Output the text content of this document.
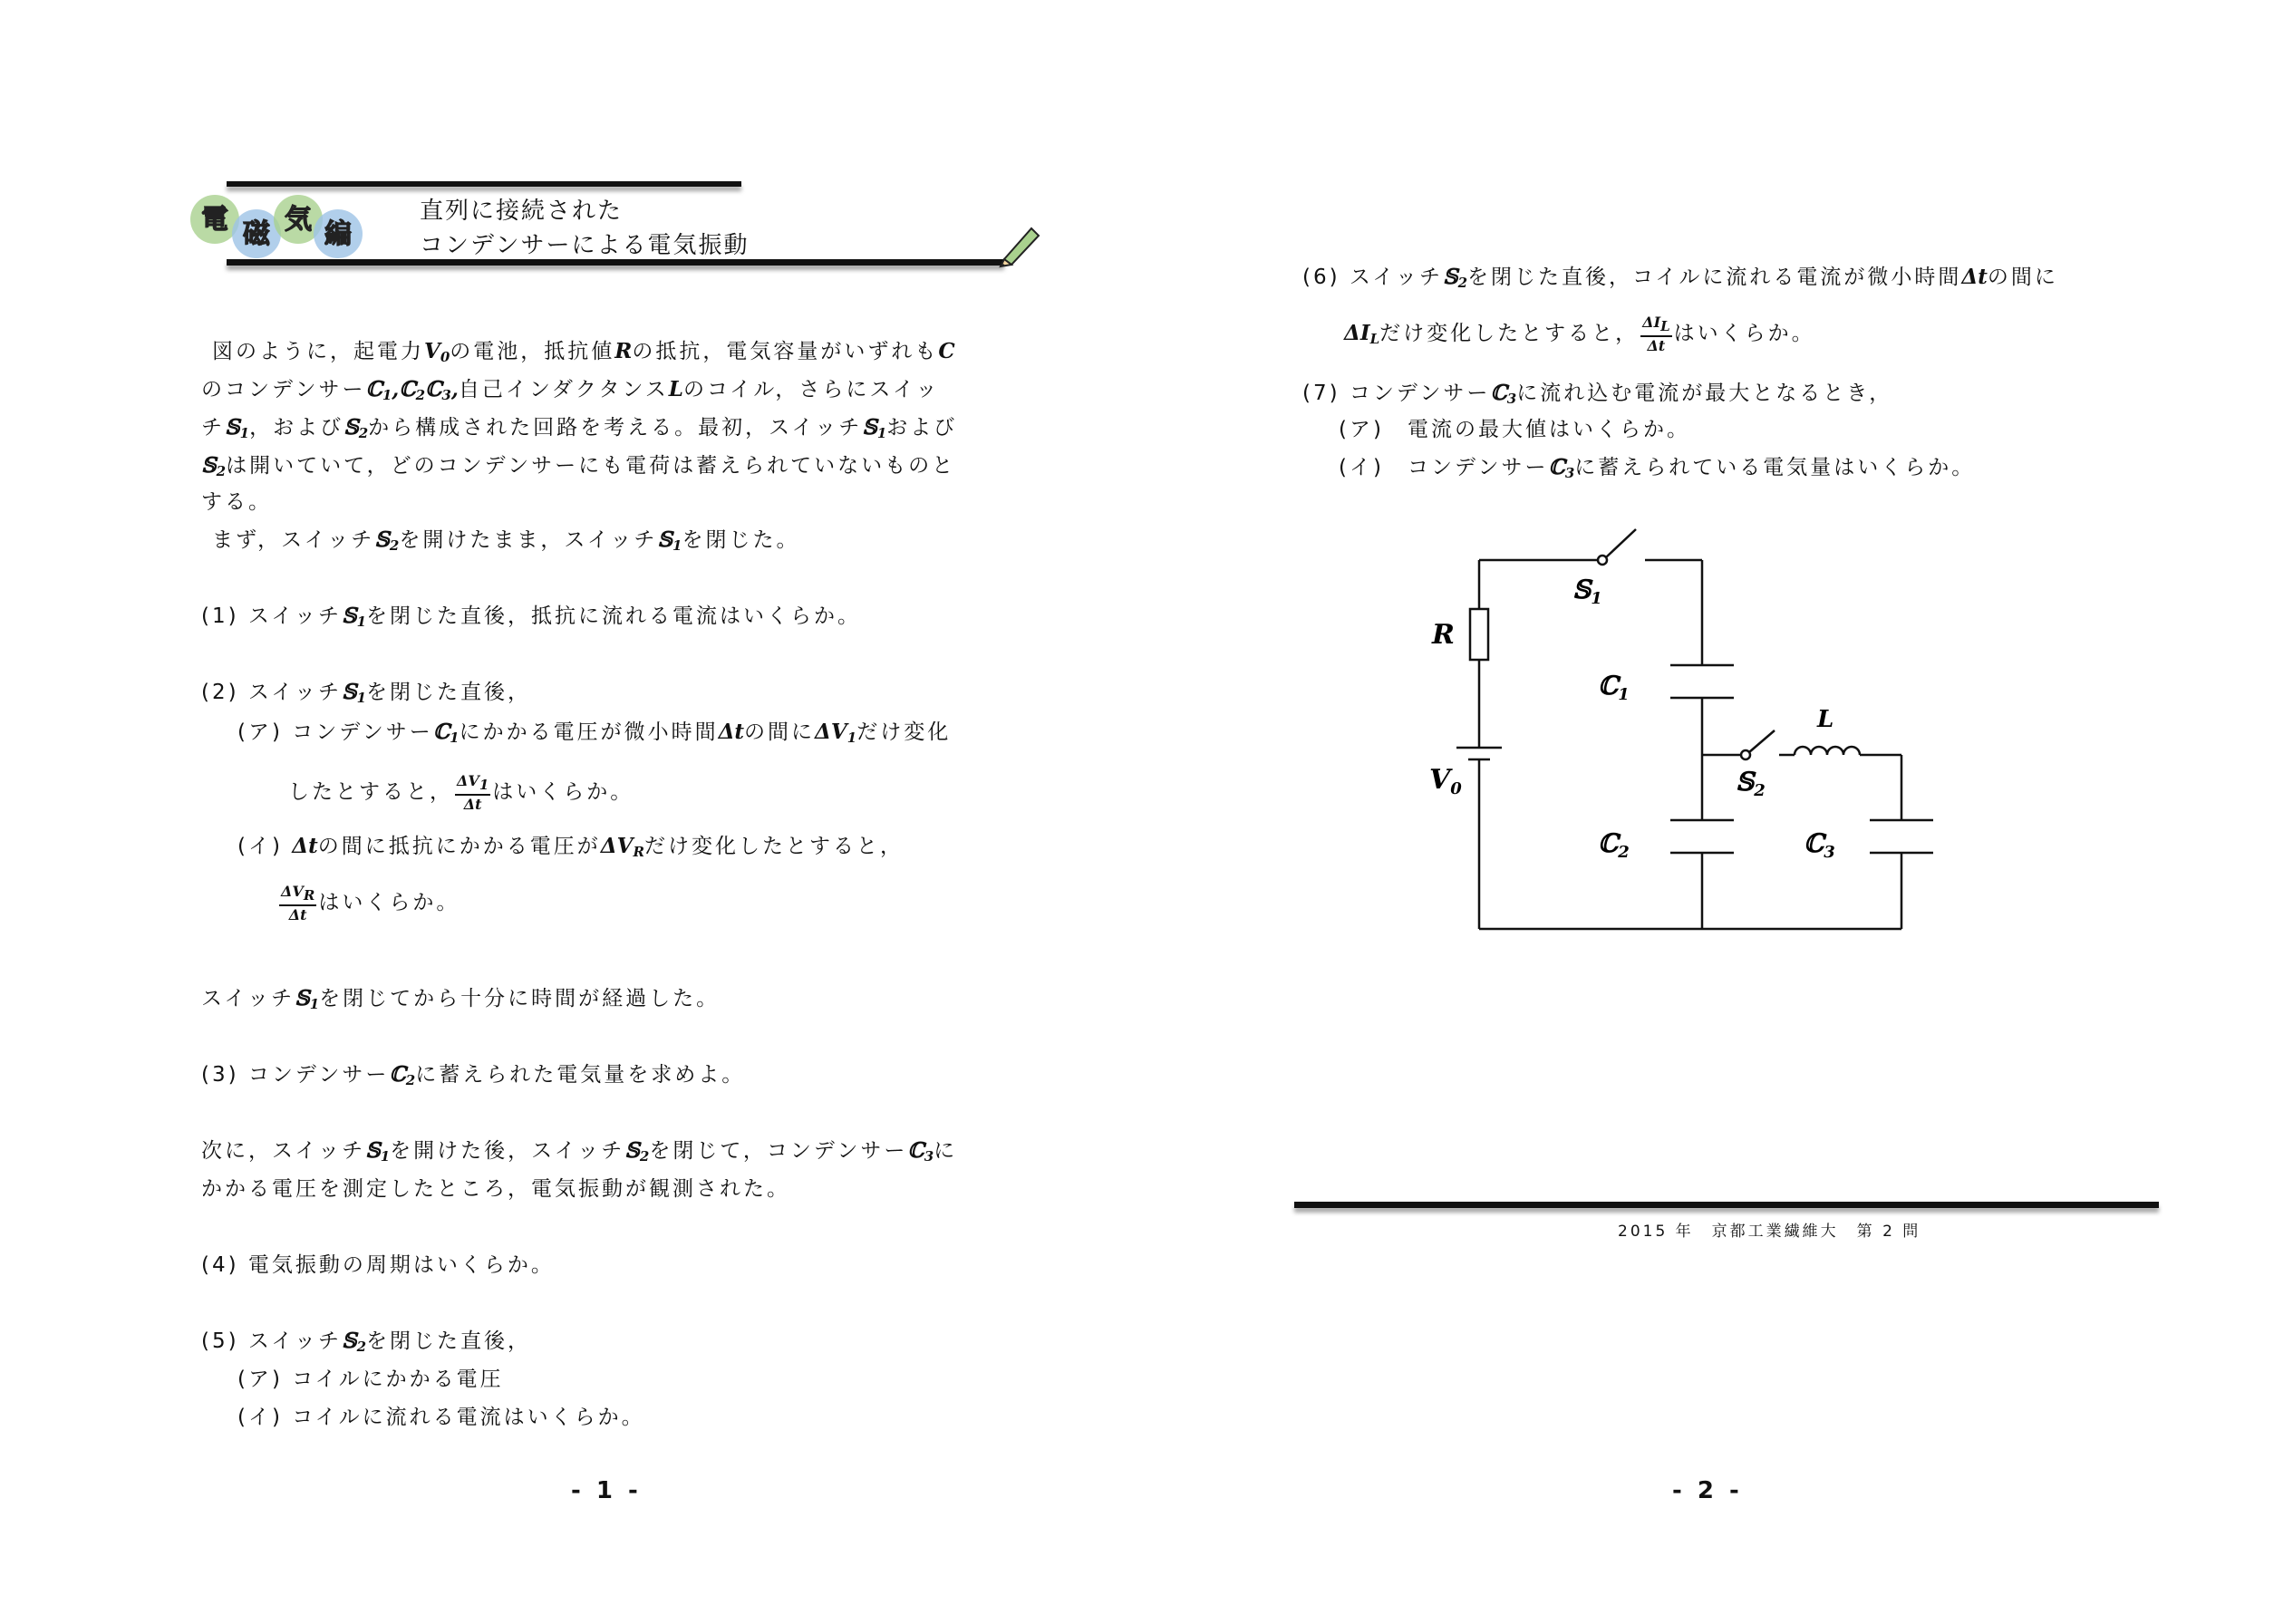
電 磁 気 編
直列に接続された
コンデンサーによる電気振動
図のように，起電力$V_0$の電池，抵抗値Rの抵抗，電気容量がいずれもC
のコンデンサーℂ$_1$,ℂ$_2$ℂ$_3$,自己インダクタンスLのコイル，さらにスイッ
チ𝕊$_1$，および𝕊$_2$から構成された回路を考える。最初，スイッチ𝕊$_1$および
𝕊$_2$は開いていて，どのコンデンサーにも電荷は蓄えられていないものと
する。
まず，スイッチ𝕊$_2$を開けたまま，スイッチ𝕊$_1$を閉じた。
(1) スイッチ𝕊$_1$を閉じた直後，抵抗に流れる電流はいくらか。
(2) スイッチ𝕊$_1$を閉じた直後，
(ア) コンデンサーℂ$_1$にかかる電圧が微小時間Δtの間に$\Delta V_1$だけ変化
したとすると， $\frac{\Delta V_1}{\Delta t}$ はいくらか。
(イ) Δtの間に抵抗にかかる電圧が$\Delta V_R$だけ変化したとすると，
$\frac{\Delta V_R}{\Delta t}$ はいくらか。
スイッチ𝕊$_1$を閉じてから十分に時間が経過した。
(3) コンデンサーℂ$_2$に蓄えられた電気量を求めよ。
次に，スイッチ𝕊$_1$を開けた後，スイッチ𝕊$_2$を閉じて，コンデンサーℂ$_3$に
かかる電圧を測定したところ，電気振動が観測された。
(4) 電気振動の周期はいくらか。
(5) スイッチ𝕊$_2$を閉じた直後，
(ア) コイルにかかる電圧
(イ) コイルに流れる電流はいくらか。
- 1 -
(6) スイッチ𝕊$_2$を閉じた直後，コイルに流れる電流が微小時間Δtの間に
$\Delta I_L$だけ変化したとすると， $\frac{\Delta I_L}{\Delta t}$ はいくらか。
(7) コンデンサーℂ$_3$に流れ込む電流が最大となるとき，
(ア)　電流の最大値はいくらか。
(イ)　コンデンサーℂ$_3$に蓄えられている電気量はいくらか。
R
$V_0$
𝕊$_1$
ℂ$_1$
𝕊$_2$
L
ℂ$_2$	ℂ$_3$
2015 年　京都工業繊維大　第 2 問
- 2 -
